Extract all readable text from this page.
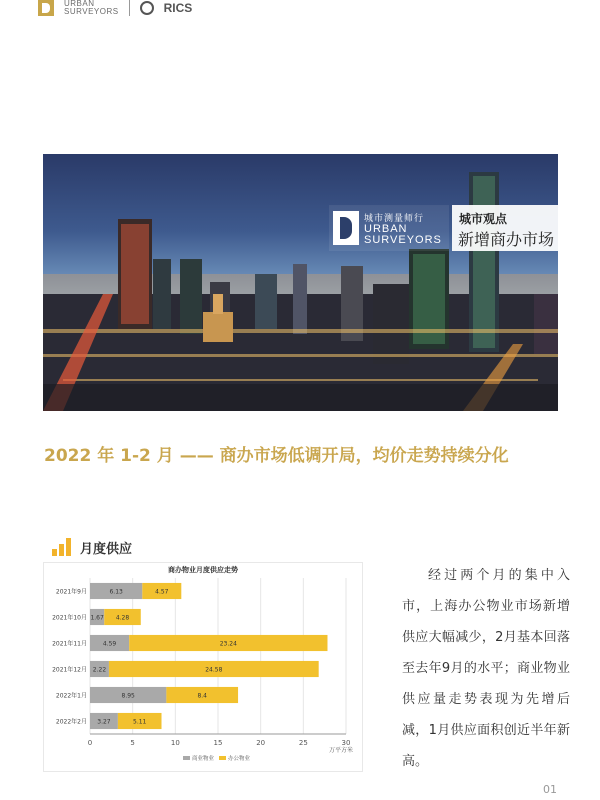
URBAN
SURVEYORS	RICS
城市测量师行
URBAN
SURVEYORS
城市观点
新增商办市场
2022 年 1-2 月 —— 商办市场低调开局，均价走势持续分化
月度供应
商办物业月度供应走势
0	5	10	15	20	25	30
万平方米
2021年9月	6.13	4.57
2021年10月 1.67 4.28
2021年11月	4.59	23.24
2021年12月 2.22	24.58
2022年1月	8.95	8.4
2022年2月 3.27	5.11
商业物业	办公物业
经过两个月的集中入市，上海办公物业市场新增供应大幅减少，2月基本回落至去年9月的水平；商业物业供应量走势表现为先增后减，1月供应面积创近半年新高。
01
